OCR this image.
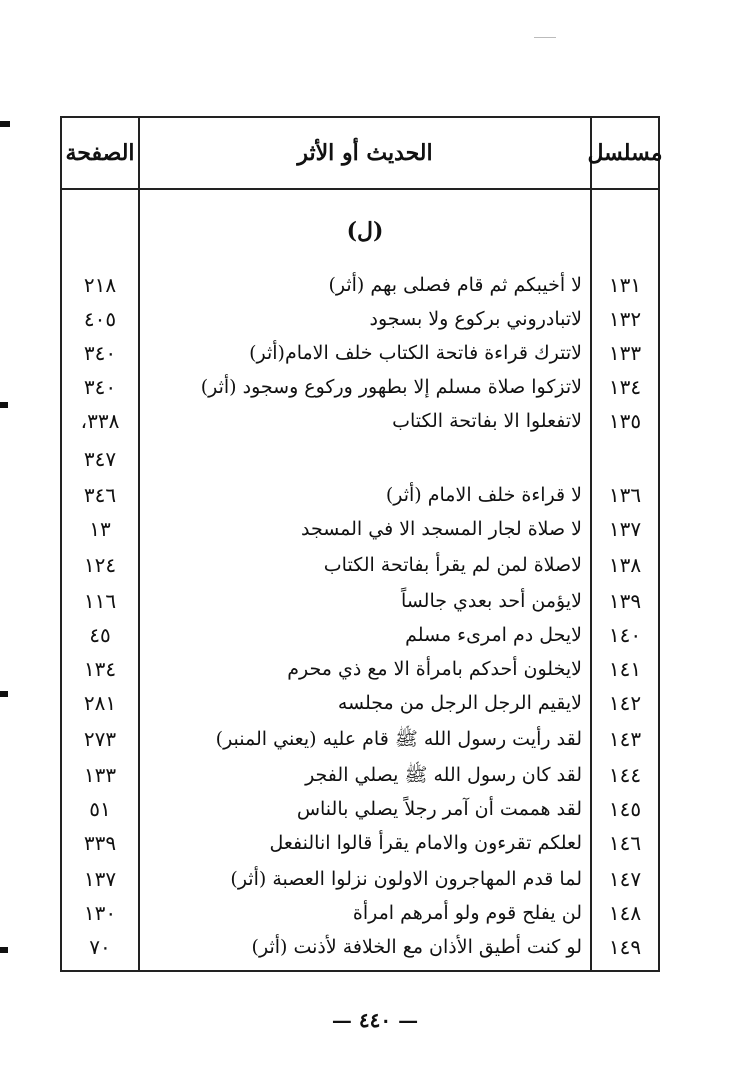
الصفحة	الحديث أو الأثر	مسلسل
(ل)
١٣١
لا أخيبكم ثم قام فصلى بهم (أثر)
٢١٨
١٣٢
لاتبادروني بركوع ولا بسجود
٤٠٥
١٣٣
لاتترك قراءة فاتحة الكتاب خلف الامام(أثر)
٣٤٠
١٣٤
لاتزكوا صلاة مسلم إلا بطهور وركوع وسجود (أثر)
٣٤٠
١٣٥
لاتفعلوا الا بفاتحة الكتاب
٣٣٨،
٣٤٧
١٣٦
لا قراءة خلف الامام (أثر)
٣٤٦
١٣٧
لا صلاة لجار المسجد الا في المسجد
١٣
١٣٨
لاصلاة لمن لم يقرأ بفاتحة الكتاب
١٢٤
١٣٩
لايؤمن أحد بعدي جالساً
١١٦
١٤٠
لايحل دم امرىء مسلم
٤٥
١٤١
لايخلون أحدكم بامرأة الا مع ذي محرم
١٣٤
١٤٢
لايقيم الرجل الرجل من مجلسه
٢٨١
١٤٣
لقد رأيت رسول الله ﷺ قام عليه (يعني المنبر)
٢٧٣
١٤٤
لقد كان رسول الله ﷺ يصلي الفجر
١٣٣
١٤٥
لقد هممت أن آمر رجلاً يصلي بالناس
٥١
١٤٦
لعلكم تقرءون والامام يقرأ قالوا انالنفعل
٣٣٩
١٤٧
لما قدم المهاجرون الاولون نزلوا العصبة (أثر)
١٣٧
١٤٨
لن يفلح قوم ولو أمرهم امرأة
١٣٠
١٤٩
لو كنت أطيق الأذان مع الخلافة لأذنت (أثر)
٧٠
— ٤٤٠ —
